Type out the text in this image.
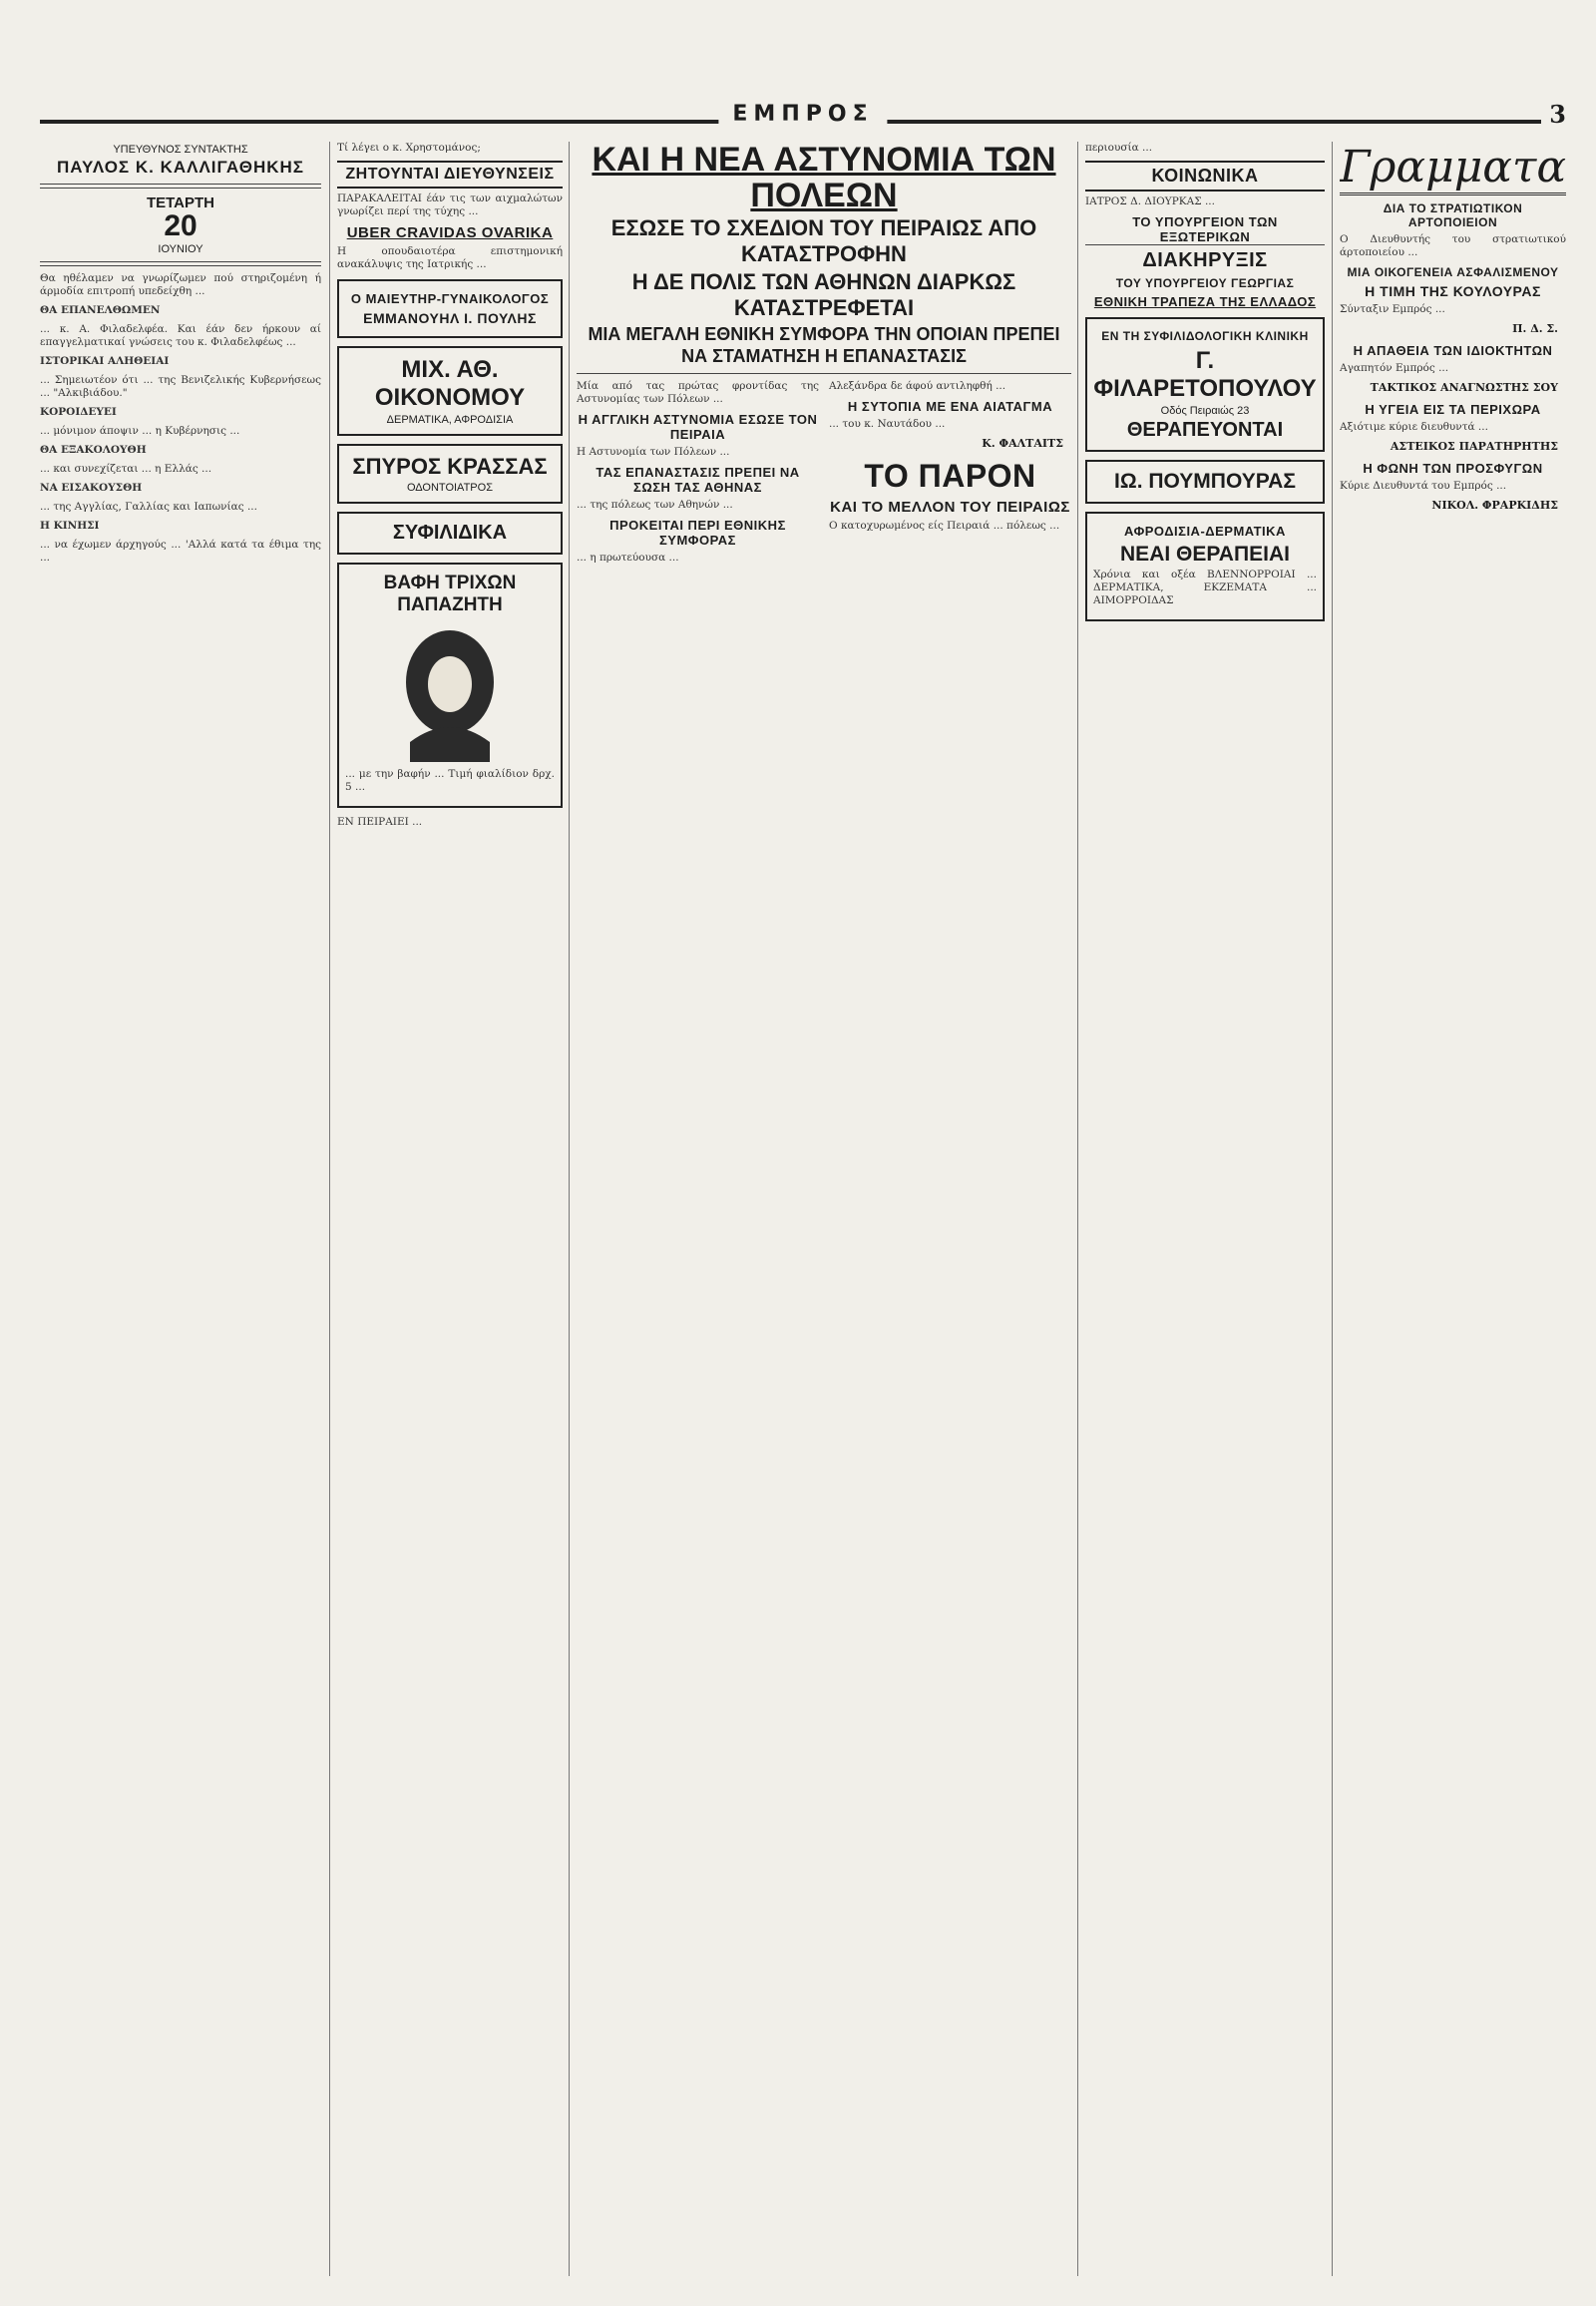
ΕΜΠΡΟΣ	3
ΥΠΕΥΘΥΝΟΣ ΣΥΝΤΑΚΤΗΣ
ΠΑΥΛΟΣ Κ. ΚΑΛΛΙΓΑΘΗΚΗΣ
ΤΕΤΑΡΤΗ
20
ΙΟΥΝΙΟΥ

Θα ηθέλαμεν να γνωρίζωμεν πού στηριζομένη ή άρμοδία επιτροπή υπεδείχθη ...

ΘΑ ΕΠΑΝΕΛΘΩΜΕΝ

... κ. Α. Φιλαδελφέα. Και έάν δεν ήρκουν αί επαγγελματικαί γνώσεις του κ. Φιλαδελφέως ...

ΙΣΤΟΡΙΚΑΙ ΑΛΗΘΕΙΑΙ

... Σημειωτέον ότι ... της Βενιζελικής Κυβερνήσεως ... "Αλκιβιάδου."

ΚΟΡΟΙΔΕΥΕΙ

... μόνιμον άποψιν ... η Κυβέρνησις ...

ΘΑ ΕΞΑΚΟΛΟΥΘΗ

... και συνεχίζεται ... η Ελλάς ...

ΝΑ ΕΙΣΑΚΟΥΣΘΗ

... της Αγγλίας, Γαλλίας και Ιαπωνίας ...

Η ΚΙΝΗΣΙ

... να έχωμεν άρχηγούς ... 'Αλλά κατά τα έθιμα της ...

Τί λέγει ο κ. Χρηστομάνος;

ΖΗΤΟΥΝΤΑΙ ΔΙΕΥΘΥΝΣΕΙΣ

ΠΑΡΑΚΑΛΕΙΤΑΙ έάν τις των αιχμαλώτων γνωρίζει περί της τύχης ...

UBER CRAVIDAS OVARIKA

Η οπουδαιοτέρα επιστημονική ανακάλυψις της Ιατρικής ...

Ο ΜΑΙΕΥΤΗΡ-ΓΥΝΑΙΚΟΛΟΓΟΣ
ΕΜΜΑΝΟΥΗΛ Ι. ΠΟΥΛΗΣ
ΜΙΧ. ΑΘ. ΟΙΚΟΝΟΜΟΥ
ΔΕΡΜΑΤΙΚΑ, ΑΦΡΟΔΙΣΙΑ
ΣΠΥΡΟΣ ΚΡΑΣΣΑΣ
ΟΔΟΝΤΟΙΑΤΡΟΣ
ΣΥΦΙΛΙΔΙΚΑ
ΒΑΦΗ ΤΡΙΧΩΝ ΠΑΠΑΖΗΤΗ

... με την βαφήν ... Τιμή φιαλίδιον δρχ. 5 ...

ΕΝ ΠΕΙΡΑΙΕΙ ...

ΚΑΙ Η ΝΕΑ ΑΣΤΥΝΟΜΙΑ ΤΩΝ ΠΟΛΕΩΝ
ΕΣΩΣΕ ΤΟ ΣΧΕΔΙΟΝ ΤΟΥ ΠΕΙΡΑΙΩΣ ΑΠΟ ΚΑΤΑΣΤΡΟΦΗΝ
Η ΔΕ ΠΟΛΙΣ ΤΩΝ ΑΘΗΝΩΝ ΔΙΑΡΚΩΣ ΚΑΤΑΣΤΡΕΦΕΤΑΙ
ΜΙΑ ΜΕΓΑΛΗ ΕΘΝΙΚΗ ΣΥΜΦΟΡΑ ΤΗΝ ΟΠΟΙΑΝ ΠΡΕΠΕΙ ΝΑ ΣΤΑΜΑΤΗΣΗ Η ΕΠΑΝΑΣΤΑΣΙΣ

Μία από τας πρώτας φροντίδας της Αστυνομίας των Πόλεων ...

Η ΑΓΓΛΙΚΗ ΑΣΤΥΝΟΜΙΑ ΕΣΩΣΕ ΤΟΝ ΠΕΙΡΑΙΑ

Η Αστυνομία των Πόλεων ...

ΤΑΣ ΕΠΑΝΑΣΤΑΣΙΣ ΠΡΕΠΕΙ ΝΑ ΣΩΣΗ ΤΑΣ ΑΘΗΝΑΣ

... της πόλεως των Αθηνών ...

ΠΡΟΚΕΙΤΑΙ ΠΕΡΙ ΕΘΝΙΚΗΣ ΣΥΜΦΟΡΑΣ

... η πρωτεύουσα ...

Αλεξάνδρα δε άφού αντιληφθή ...

Η ΣΥΤΟΠΙΑ ΜΕ ΕΝΑ ΑΙΑΤΑΓΜΑ

... του κ. Ναυτάδου ...

Κ. ΦΑΛΤΑΙΤΣ
ΤΟ ΠΑΡΟΝ
ΚΑΙ ΤΟ ΜΕΛΛΟΝ ΤΟΥ ΠΕΙΡΑΙΩΣ

Ο κατοχυρωμένος είς Πειραιά ... πόλεως ...

περιουσία ...

ΚΟΙΝΩΝΙΚΑ

ΙΑΤΡΟΣ Δ. ΔΙΟΥΡΚΑΣ ...

ΤΟ ΥΠΟΥΡΓΕΙΟΝ ΤΩΝ ΕΞΩΤΕΡΙΚΩΝ
ΔΙΑΚΗΡΥΞΙΣ
ΤΟΥ ΥΠΟΥΡΓΕΙΟΥ ΓΕΩΡΓΙΑΣ
ΕΘΝΙΚΗ ΤΡΑΠΕΖΑ ΤΗΣ ΕΛΛΑΔΟΣ
ΕΝ ΤΗ ΣΥΦΙΛΙΔΟΛΟΓΙΚΗ ΚΛΙΝΙΚΗ
Γ. ΦΙΛΑΡΕΤΟΠΟΥΛΟΥ
Οδός Πειραιώς 23
ΘΕΡΑΠΕΥΟΝΤΑΙ
ΙΩ. ΠΟΥΜΠΟΥΡΑΣ
ΑΦΡΟΔΙΣΙΑ-ΔΕΡΜΑΤΙΚΑ
ΝΕΑΙ ΘΕΡΑΠΕΙΑΙ

Χρόνια και οξέα ΒΛΕΝΝΟΡΡΟΙΑΙ ... ΔΕΡΜΑΤΙΚΑ, ΕΚΖΕΜΑΤΑ ... ΑΙΜΟΡΡΟΙΔΑΣ

Γραμματα
ΔΙΑ ΤΟ ΣΤΡΑΤΙΩΤΙΚΟΝ ΑΡΤΟΠΟΙΕΙΟΝ

Ο Διευθυντής του στρατιωτικού άρτοποιείου ...

ΜΙΑ ΟΙΚΟΓΕΝΕΙΑ ΑΣΦΑΛΙΣΜΕΝΟΥ
Η ΤΙΜΗ ΤΗΣ ΚΟΥΛΟΥΡΑΣ

Σύνταξιν Εμπρός ...

Π. Δ. Σ.
Η ΑΠΑΘΕΙΑ ΤΩΝ ΙΔΙΟΚΤΗΤΩΝ

Αγαπητόν Εμπρός ...

ΤΑΚΤΙΚΟΣ ΑΝΑΓΝΩΣΤΗΣ ΣΟΥ
Η ΥΓΕΙΑ ΕΙΣ ΤΑ ΠΕΡΙΧΩΡΑ

Αξιότιμε κύριε διευθυντά ...

ΑΣΤΕΙΚΟΣ ΠΑΡΑΤΗΡΗΤΗΣ
Η ΦΩΝΗ ΤΩΝ ΠΡΟΣΦΥΓΩΝ

Κύριε Διευθυντά του Εμπρός ...

ΝΙΚΟΛ. ΦΡΑΡΚΙΔΗΣ
